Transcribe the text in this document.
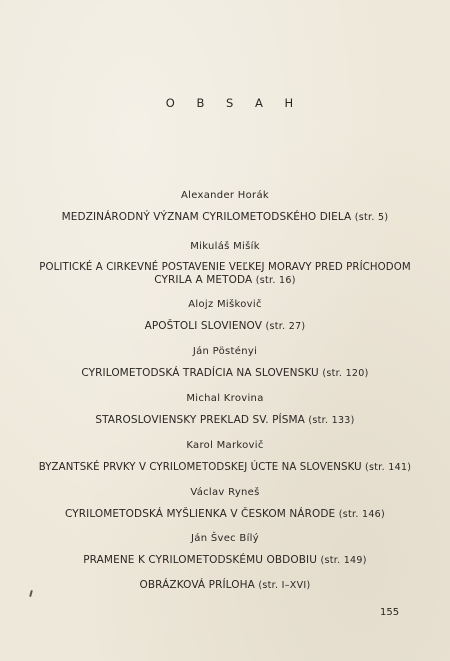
O B S A H
Alexander Horák
MEDZINÁRODNÝ VÝZNAM CYRILOMETODSKÉHO DIELA (str. 5)
Mikuláš Mišík
POLITICKÉ A CIRKEVNÉ POSTAVENIE VEĽKEJ MORAVY PRED PRÍCHODOM
CYRILA A METODA (str. 16)
Alojz Miškovič
APOŠTOLI SLOVIENOV (str. 27)
Ján Pöstényi
CYRILOMETODSKÁ TRADÍCIA NA SLOVENSKU (str. 120)
Michal Krovina
STAROSLOVIENSKY PREKLAD SV. PÍSMA (str. 133)
Karol Markovič
BYZANTSKÉ PRVKY V CYRILOMETODSKEJ ÚCTE NA SLOVENSKU (str. 141)
Václav Ryneš
CYRILOMETODSKÁ MYŠLIENKA V ČESKOM NÁRODE (str. 146)
Ján Švec Bílý
PRAMENE K CYRILOMETODSKÉMU OBDOBIU (str. 149)
OBRÁZKOVÁ PRÍLOHA (str. I–XVI)
155
